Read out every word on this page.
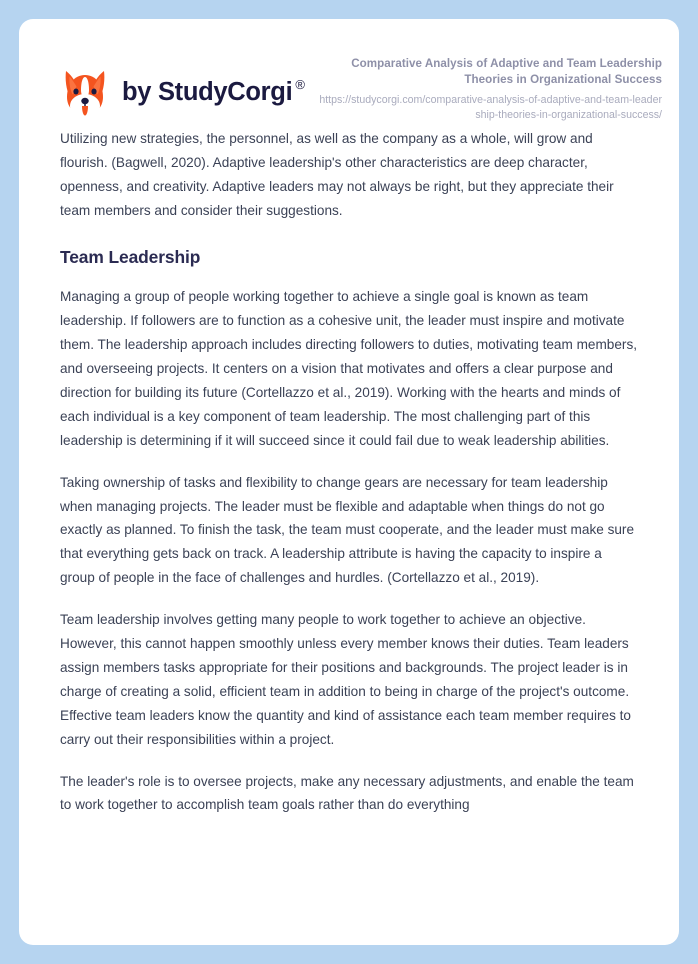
by StudyCorgi ®
Comparative Analysis of Adaptive and Team Leadership Theories in Organizational Success
https://studycorgi.com/comparative-analysis-of-adaptive-and-team-leadership-theories-in-organizational-success/

Utilizing new strategies, the personnel, as well as the company as a whole, will grow and flourish. (Bagwell, 2020). Adaptive leadership's other characteristics are deep character, openness, and creativity. Adaptive leaders may not always be right, but they appreciate their team members and consider their suggestions.

Team Leadership

Managing a group of people working together to achieve a single goal is known as team leadership. If followers are to function as a cohesive unit, the leader must inspire and motivate them. The leadership approach includes directing followers to duties, motivating team members, and overseeing projects. It centers on a vision that motivates and offers a clear purpose and direction for building its future (Cortellazzo et al., 2019). Working with the hearts and minds of each individual is a key component of team leadership. The most challenging part of this leadership is determining if it will succeed since it could fail due to weak leadership abilities.

Taking ownership of tasks and flexibility to change gears are necessary for team leadership when managing projects. The leader must be flexible and adaptable when things do not go exactly as planned. To finish the task, the team must cooperate, and the leader must make sure that everything gets back on track. A leadership attribute is having the capacity to inspire a group of people in the face of challenges and hurdles. (Cortellazzo et al., 2019).

Team leadership involves getting many people to work together to achieve an objective. However, this cannot happen smoothly unless every member knows their duties. Team leaders assign members tasks appropriate for their positions and backgrounds. The project leader is in charge of creating a solid, efficient team in addition to being in charge of the project's outcome. Effective team leaders know the quantity and kind of assistance each team member requires to carry out their responsibilities within a project.

The leader's role is to oversee projects, make any necessary adjustments, and enable the team to work together to accomplish team goals rather than do everything
